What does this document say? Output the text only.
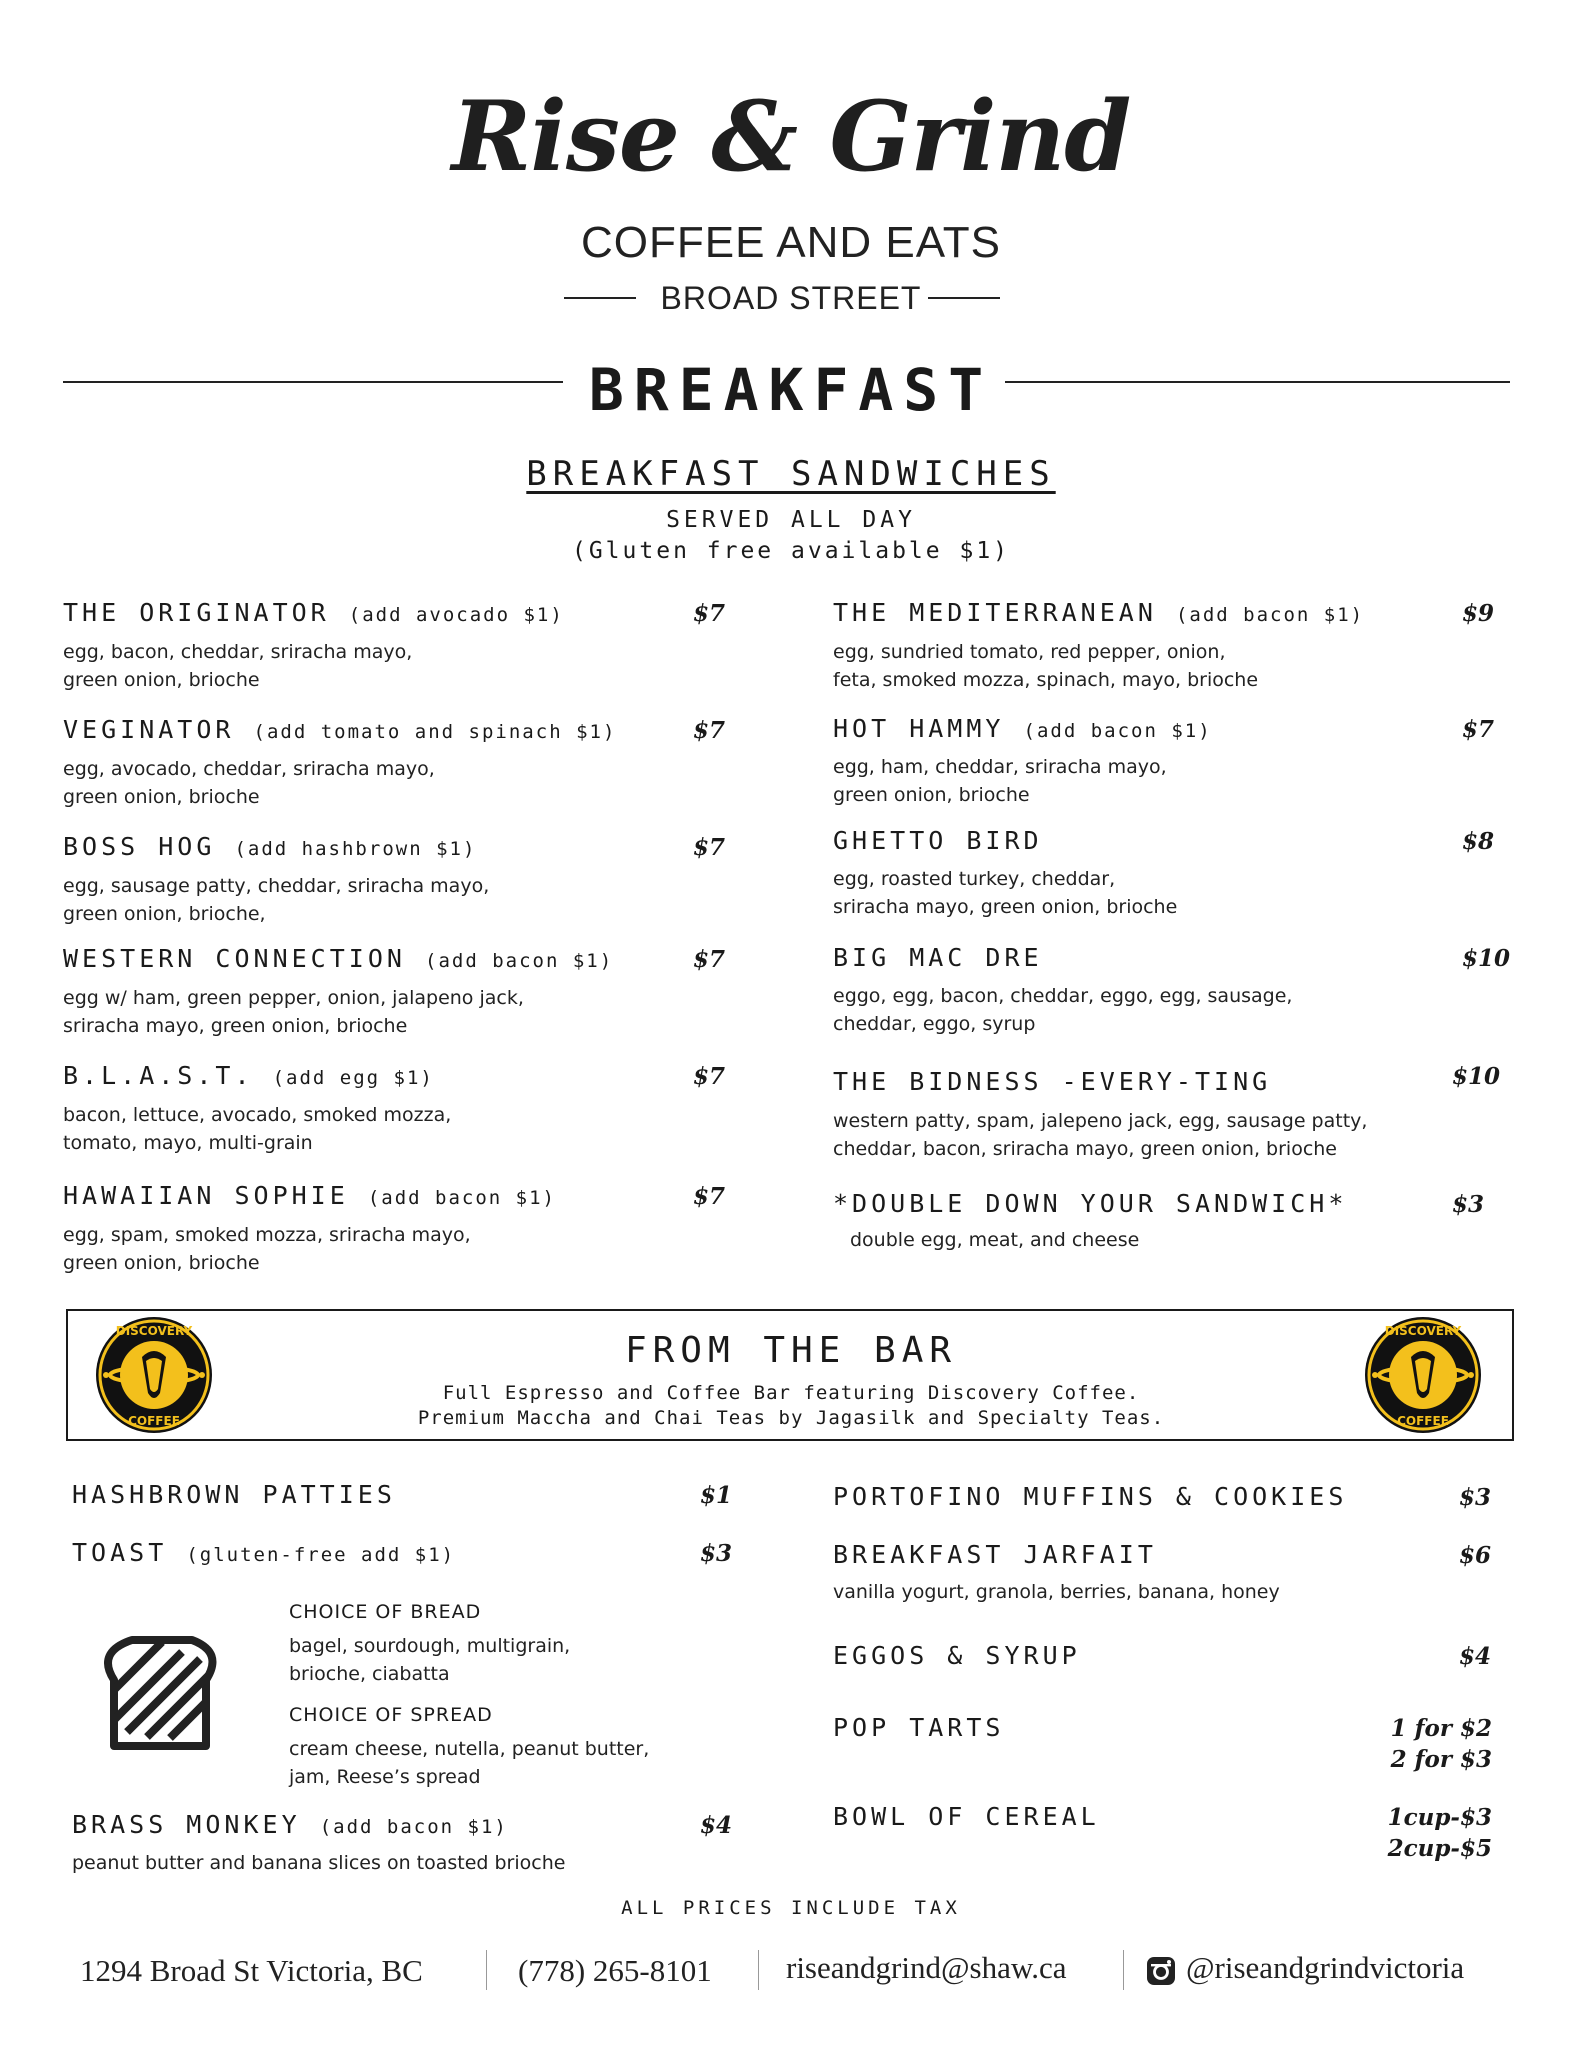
Rise & Grind
COFFEE AND EATS
BROAD STREET
BREAKFAST
BREAKFAST SANDWICHES
SERVED ALL DAY
(Gluten free available $1)
THE ORIGINATOR (add avocado $1)	$7
egg, bacon, cheddar, sriracha mayo,
green onion, brioche
VEGINATOR (add tomato and spinach $1)	$7
egg, avocado, cheddar, sriracha mayo,
green onion, brioche
BOSS HOG (add hashbrown $1)	$7
egg, sausage patty, cheddar, sriracha mayo,
green onion, brioche,
WESTERN CONNECTION (add bacon $1)	$7
egg w/ ham, green pepper, onion, jalapeno jack,
sriracha mayo, green onion, brioche
B.L.A.S.T. (add egg $1)	$7
bacon, lettuce, avocado, smoked mozza,
tomato, mayo, multi-grain
HAWAIIAN SOPHIE (add bacon $1)	$7
egg, spam, smoked mozza, sriracha mayo,
green onion, brioche
THE MEDITERRANEAN (add bacon $1)	$9
egg, sundried tomato, red pepper, onion,
feta, smoked mozza, spinach, mayo, brioche
HOT HAMMY (add bacon $1)	$7
egg, ham, cheddar, sriracha mayo,
green onion, brioche
GHETTO BIRD	$8
egg, roasted turkey, cheddar,
sriracha mayo, green onion, brioche
BIG MAC DRE	$10
eggo, egg, bacon, cheddar, eggo, egg, sausage,
cheddar, eggo, syrup
THE BIDNESS -EVERY-TING	$10
western patty, spam, jalepeno jack, egg, sausage patty,
cheddar, bacon, sriracha mayo, green onion, brioche
*DOUBLE DOWN YOUR SANDWICH*	$3
double egg, meat, and cheese
DISCOVERY
COFFEE
FROM THE BAR
Full Espresso and Coffee Bar featuring Discovery Coffee.
Premium Maccha and Chai Teas by Jagasilk and Specialty Teas.
DISCOVERY
COFFEE
HASHBROWN PATTIES	$1
TOAST (gluten-free add $1)	$3
CHOICE OF BREAD
bagel, sourdough, multigrain,
brioche, ciabatta
CHOICE OF SPREAD
cream cheese, nutella, peanut butter,
jam, Reese’s spread
BRASS MONKEY (add bacon $1)	$4
peanut butter and banana slices on toasted brioche
PORTOFINO MUFFINS & COOKIES	$3
BREAKFAST JARFAIT	$6
vanilla yogurt, granola, berries, banana, honey
EGGOS & SYRUP	$4
POP TARTS	1 for $2
2 for $3
BOWL OF CEREAL	1cup-$3
2cup-$5
ALL PRICES INCLUDE TAX
1294 Broad St Victoria, BC	(778) 265-8101 riseandgrind@shaw.ca	@riseandgrindvictoria
